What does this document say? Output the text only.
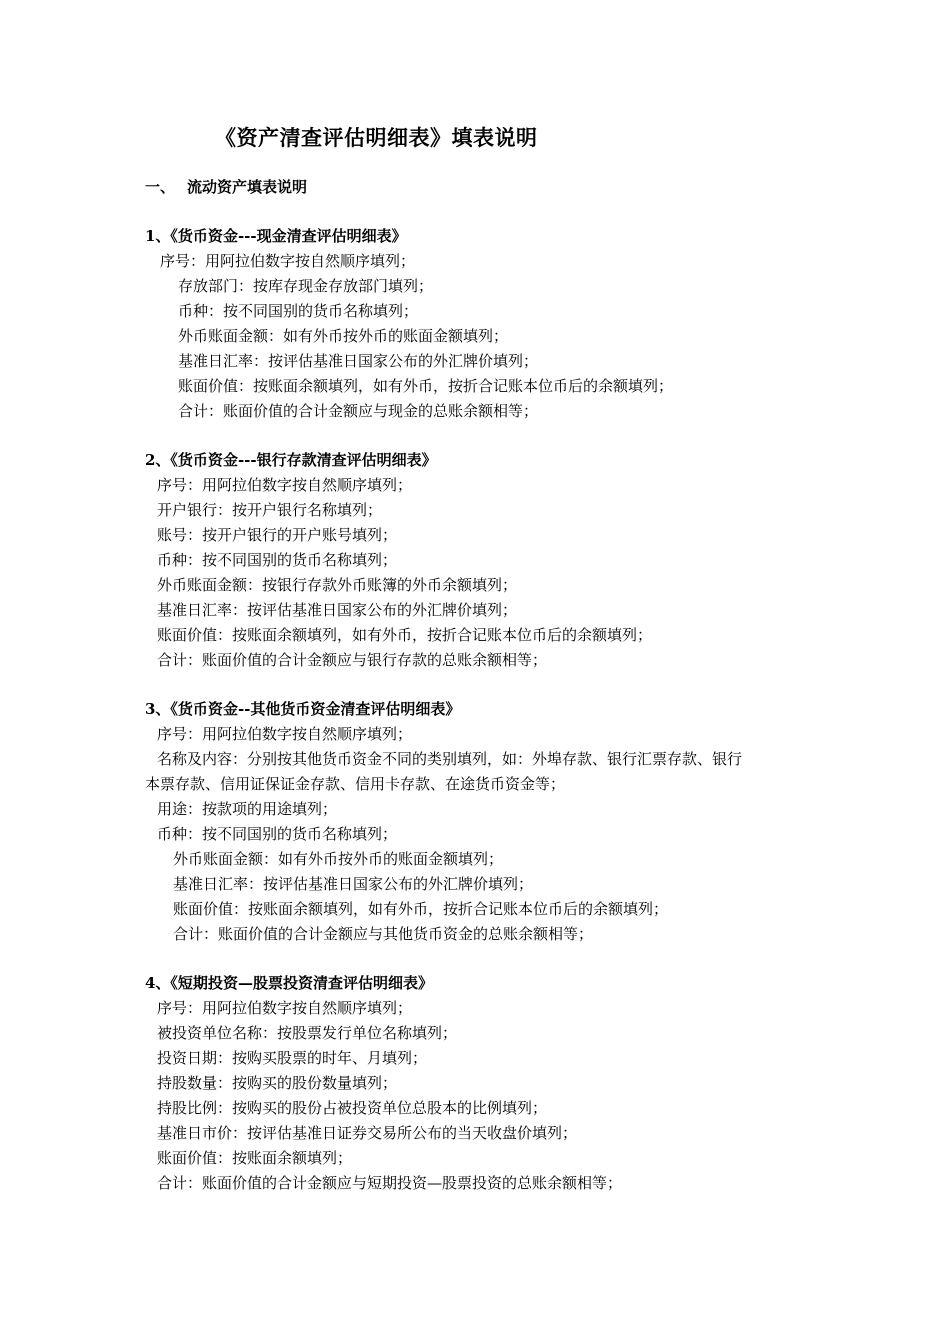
《资产清查评估明细表》填表说明
一、 流动资产填表说明
1、《货币资金---现金清查评估明细表》
序号：用阿拉伯数字按自然顺序填列；
存放部门：按库存现金存放部门填列；
币种：按不同国别的货币名称填列；
外币账面金额：如有外币按外币的账面金额填列；
基准日汇率：按评估基准日国家公布的外汇牌价填列；
账面价值：按账面余额填列，如有外币，按折合记账本位币后的余额填列；
合计：账面价值的合计金额应与现金的总账余额相等；
2、《货币资金---银行存款清查评估明细表》
序号：用阿拉伯数字按自然顺序填列；
开户银行：按开户银行名称填列；
账号：按开户银行的开户账号填列；
币种：按不同国别的货币名称填列；
外币账面金额：按银行存款外币账簿的外币余额填列；
基准日汇率：按评估基准日国家公布的外汇牌价填列；
账面价值：按账面余额填列，如有外币，按折合记账本位币后的余额填列；
合计：账面价值的合计金额应与银行存款的总账余额相等；
3、《货币资金--其他货币资金清查评估明细表》
序号：用阿拉伯数字按自然顺序填列；
名称及内容：分别按其他货币资金不同的类别填列，如：外埠存款、银行汇票存款、银行
本票存款、信用证保证金存款、信用卡存款、在途货币资金等；
用途：按款项的用途填列；
币种：按不同国别的货币名称填列；
外币账面金额：如有外币按外币的账面金额填列；
基准日汇率：按评估基准日国家公布的外汇牌价填列；
账面价值：按账面余额填列，如有外币，按折合记账本位币后的余额填列；
合计：账面价值的合计金额应与其他货币资金的总账余额相等；
4、《短期投资—股票投资清查评估明细表》
序号：用阿拉伯数字按自然顺序填列；
被投资单位名称：按股票发行单位名称填列；
投资日期：按购买股票的时年、月填列；
持股数量：按购买的股份数量填列；
持股比例：按购买的股份占被投资单位总股本的比例填列；
基准日市价：按评估基准日证券交易所公布的当天收盘价填列；
账面价值：按账面余额填列；
合计：账面价值的合计金额应与短期投资—股票投资的总账余额相等；
